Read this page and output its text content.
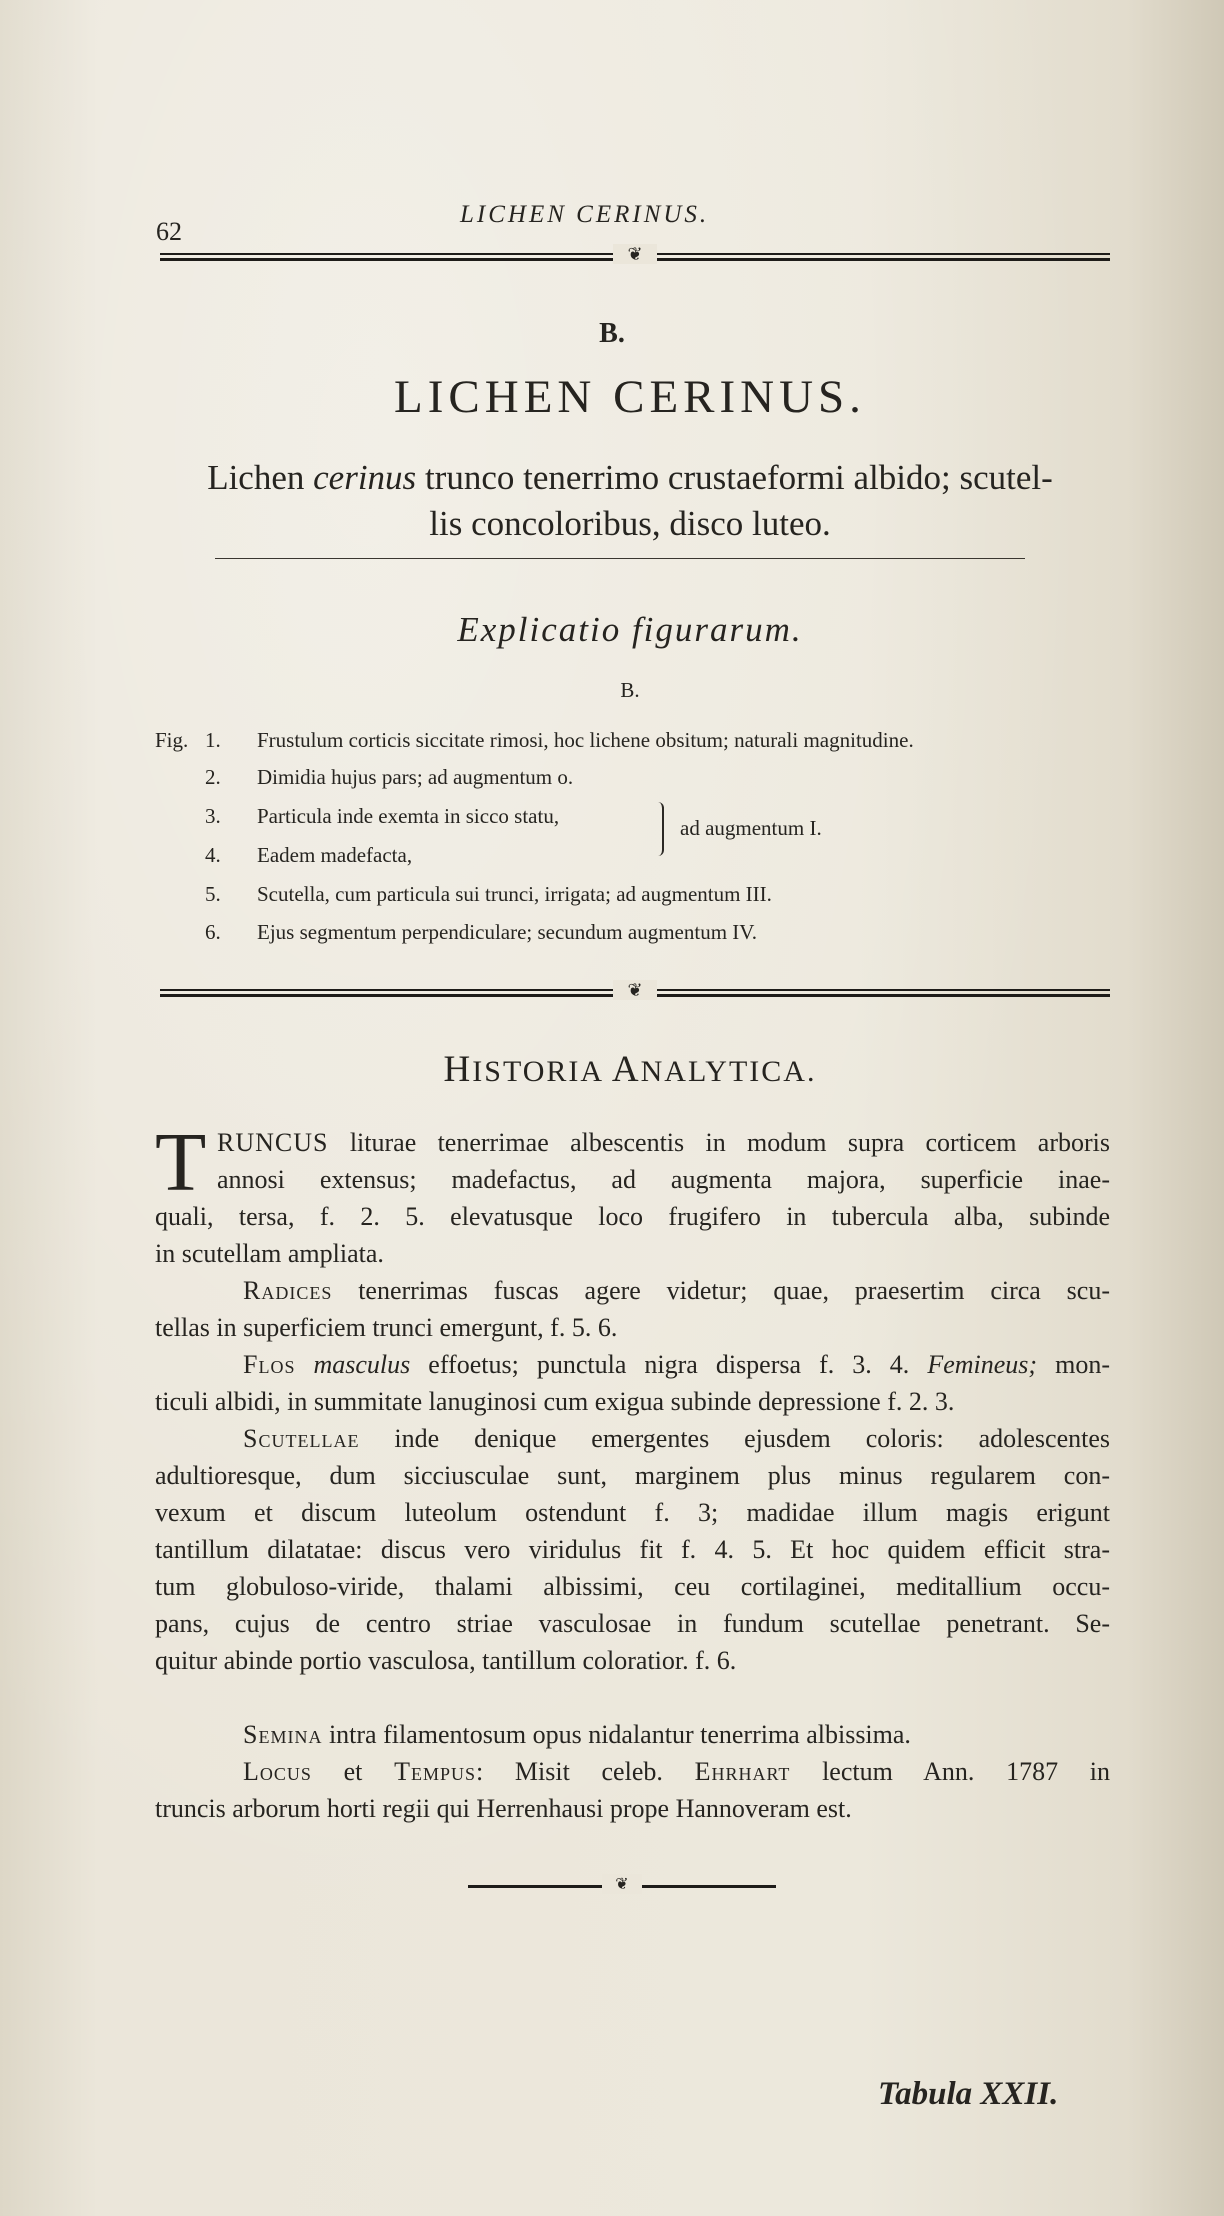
62
LICHEN CERINUS.
❦
B.
LICHEN CERINUS.
Lichen cerinus trunco tenerrimo crustaeformi albido; scutel-
lis concoloribus, disco luteo.
Explicatio figurarum.
B.
Fig. 1. Frustulum corticis siccitate rimosi, hoc lichene obsitum; naturali magnitudine.
2. Dimidia hujus pars; ad augmentum o.
3. Particula inde exemta in sicco statu,
4. Eadem madefacta,
ad augmentum I.
5. Scutella, cum particula sui trunci, irrigata; ad augmentum III.
6. Ejus segmentum perpendiculare; secundum augmentum IV.
❦
HISTORIA ANALYTICA.
T RUNCUS liturae tenerrimae albescentis in modum supra corticem arboris
annosi extensus; madefactus, ad augmenta majora, superficie inae-
quali, tersa, f. 2. 5. elevatusque loco frugifero in tubercula alba, subinde
in scutellam ampliata.
Radices tenerrimas fuscas agere videtur; quae, praesertim circa scu-
tellas in superficiem trunci emergunt, f. 5. 6.
Flos masculus effoetus; punctula nigra dispersa f. 3. 4. Femineus; mon-
ticuli albidi, in summitate lanuginosi cum exigua subinde depressione f. 2. 3.
Scutellae inde denique emergentes ejusdem coloris: adolescentes
adultioresque, dum sicciusculae sunt, marginem plus minus regularem con-
vexum et discum luteolum ostendunt f. 3; madidae illum magis erigunt
tantillum dilatatae: discus vero viridulus fit f. 4. 5. Et hoc quidem efficit stra-
tum globuloso-viride, thalami albissimi, ceu cortilaginei, meditallium occu-
pans, cujus de centro striae vasculosae in fundum scutellae penetrant. Se-
quitur abinde portio vasculosa, tantillum coloratior. f. 6.
Semina intra filamentosum opus nidalantur tenerrima albissima.
Locus et Tempus: Misit celeb. Ehrhart lectum Ann. 1787 in
truncis arborum horti regii qui Herrenhausi prope Hannoveram est.
❦
Tabula XXII.
